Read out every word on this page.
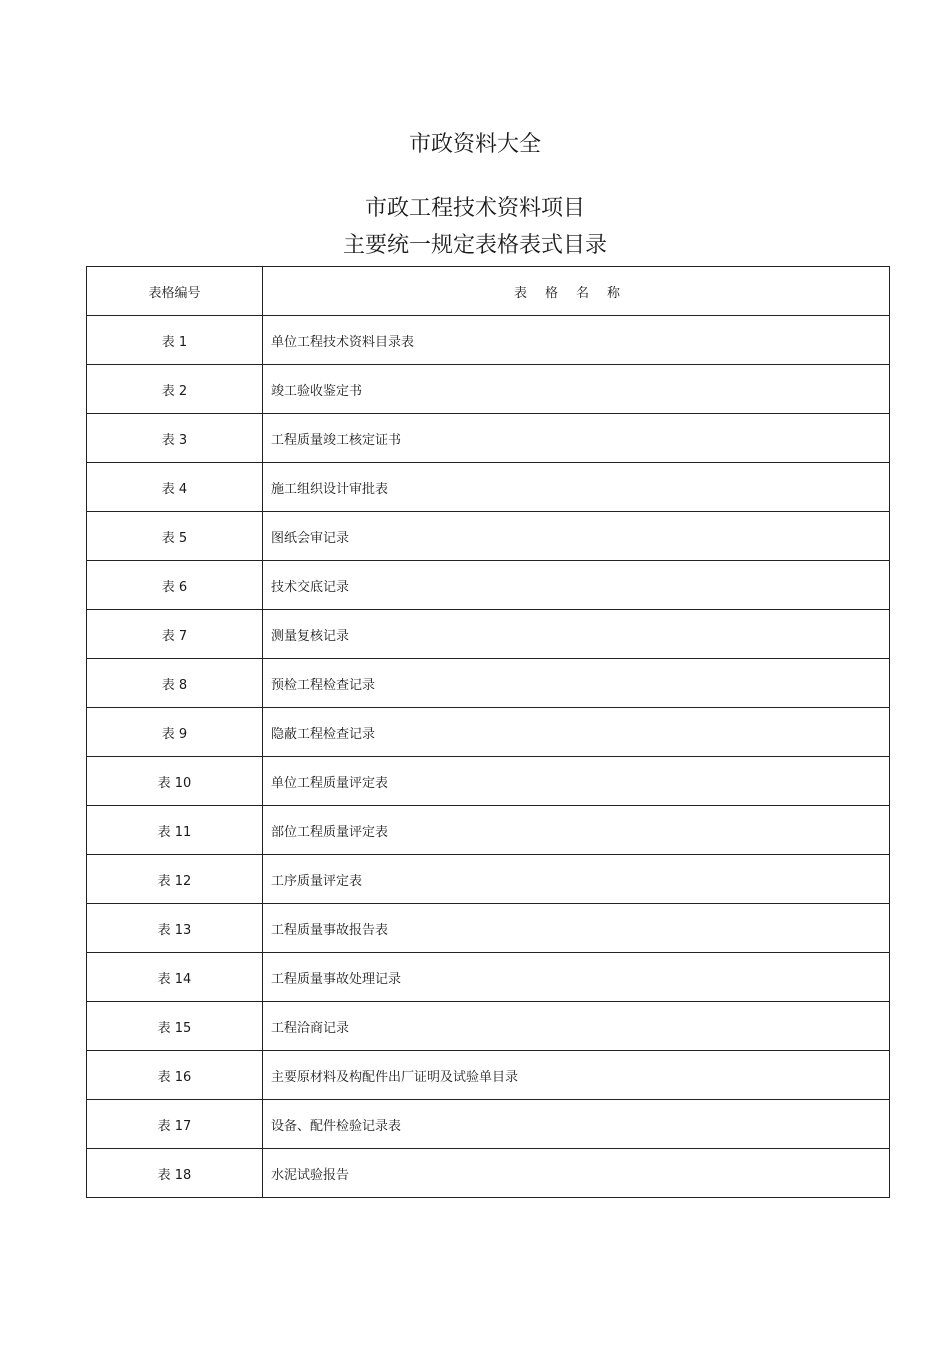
市政资料大全
市政工程技术资料项目
主要统一规定表格表式目录
表格编号	表格名称
表 1	单位工程技术资料目录表
表 2	竣工验收鉴定书
表 3	工程质量竣工核定证书
表 4	施工组织设计审批表
表 5	图纸会审记录
表 6	技术交底记录
表 7	测量复核记录
表 8	预检工程检查记录
表 9	隐蔽工程检查记录
表 10	单位工程质量评定表
表 11	部位工程质量评定表
表 12	工序质量评定表
表 13	工程质量事故报告表
表 14	工程质量事故处理记录
表 15	工程洽商记录
表 16	主要原材料及构配件出厂证明及试验单目录
表 17	设备、配件检验记录表
表 18	水泥试验报告
